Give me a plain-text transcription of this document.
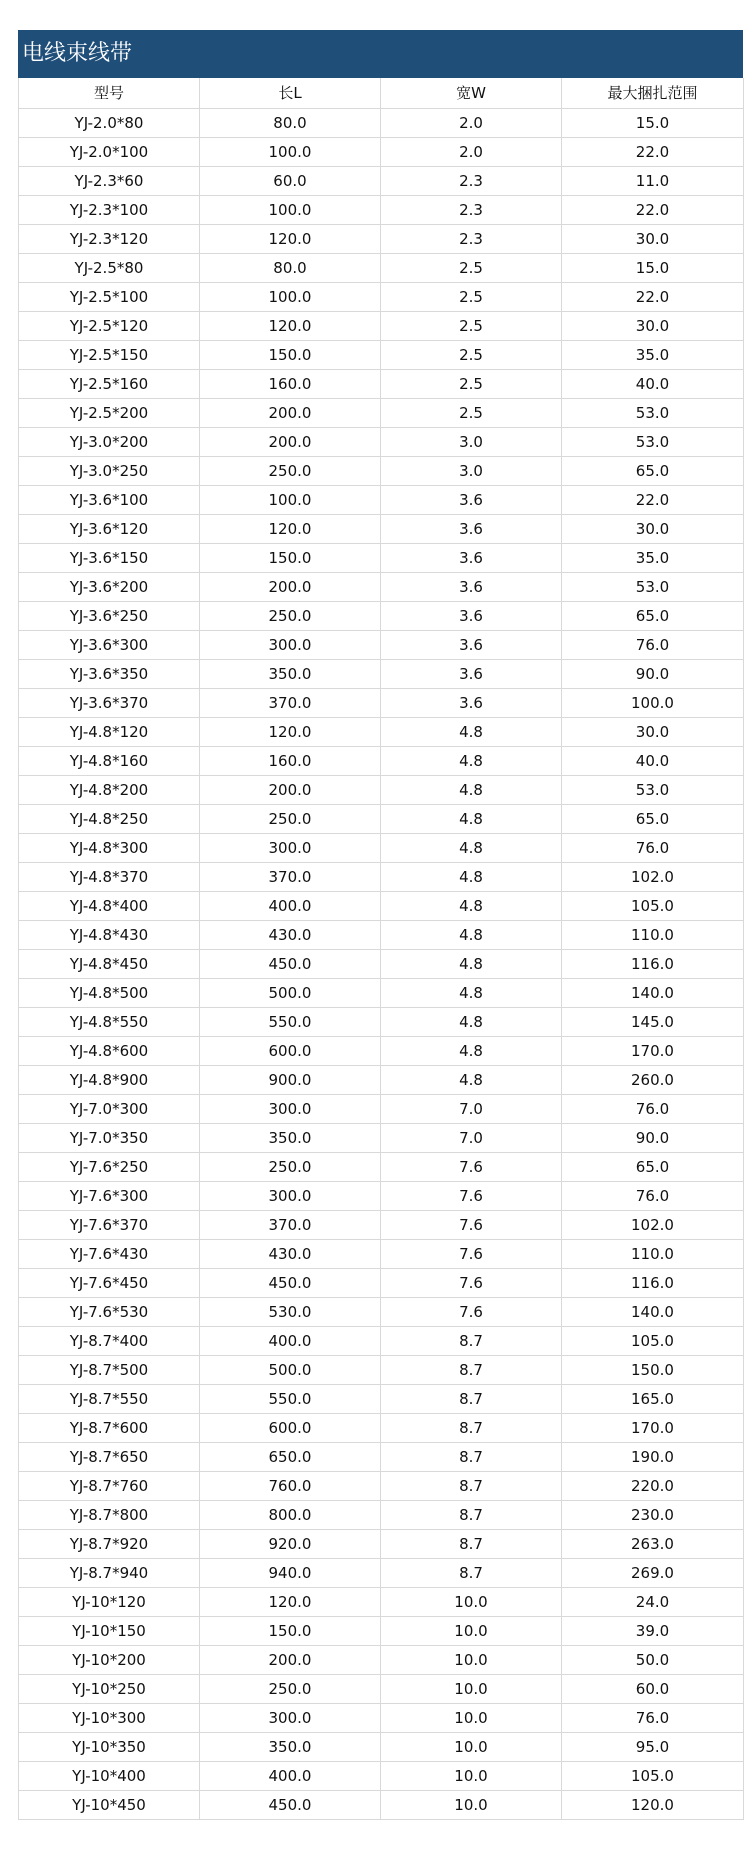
电线束线带
型号	长L	宽W	最大捆扎范围
YJ-2.0*80	80.0	2.0	15.0
YJ-2.0*100	100.0	2.0	22.0
YJ-2.3*60	60.0	2.3	11.0
YJ-2.3*100	100.0	2.3	22.0
YJ-2.3*120	120.0	2.3	30.0
YJ-2.5*80	80.0	2.5	15.0
YJ-2.5*100	100.0	2.5	22.0
YJ-2.5*120	120.0	2.5	30.0
YJ-2.5*150	150.0	2.5	35.0
YJ-2.5*160	160.0	2.5	40.0
YJ-2.5*200	200.0	2.5	53.0
YJ-3.0*200	200.0	3.0	53.0
YJ-3.0*250	250.0	3.0	65.0
YJ-3.6*100	100.0	3.6	22.0
YJ-3.6*120	120.0	3.6	30.0
YJ-3.6*150	150.0	3.6	35.0
YJ-3.6*200	200.0	3.6	53.0
YJ-3.6*250	250.0	3.6	65.0
YJ-3.6*300	300.0	3.6	76.0
YJ-3.6*350	350.0	3.6	90.0
YJ-3.6*370	370.0	3.6	100.0
YJ-4.8*120	120.0	4.8	30.0
YJ-4.8*160	160.0	4.8	40.0
YJ-4.8*200	200.0	4.8	53.0
YJ-4.8*250	250.0	4.8	65.0
YJ-4.8*300	300.0	4.8	76.0
YJ-4.8*370	370.0	4.8	102.0
YJ-4.8*400	400.0	4.8	105.0
YJ-4.8*430	430.0	4.8	110.0
YJ-4.8*450	450.0	4.8	116.0
YJ-4.8*500	500.0	4.8	140.0
YJ-4.8*550	550.0	4.8	145.0
YJ-4.8*600	600.0	4.8	170.0
YJ-4.8*900	900.0	4.8	260.0
YJ-7.0*300	300.0	7.0	76.0
YJ-7.0*350	350.0	7.0	90.0
YJ-7.6*250	250.0	7.6	65.0
YJ-7.6*300	300.0	7.6	76.0
YJ-7.6*370	370.0	7.6	102.0
YJ-7.6*430	430.0	7.6	110.0
YJ-7.6*450	450.0	7.6	116.0
YJ-7.6*530	530.0	7.6	140.0
YJ-8.7*400	400.0	8.7	105.0
YJ-8.7*500	500.0	8.7	150.0
YJ-8.7*550	550.0	8.7	165.0
YJ-8.7*600	600.0	8.7	170.0
YJ-8.7*650	650.0	8.7	190.0
YJ-8.7*760	760.0	8.7	220.0
YJ-8.7*800	800.0	8.7	230.0
YJ-8.7*920	920.0	8.7	263.0
YJ-8.7*940	940.0	8.7	269.0
YJ-10*120	120.0	10.0	24.0
YJ-10*150	150.0	10.0	39.0
YJ-10*200	200.0	10.0	50.0
YJ-10*250	250.0	10.0	60.0
YJ-10*300	300.0	10.0	76.0
YJ-10*350	350.0	10.0	95.0
YJ-10*400	400.0	10.0	105.0
YJ-10*450	450.0	10.0	120.0
